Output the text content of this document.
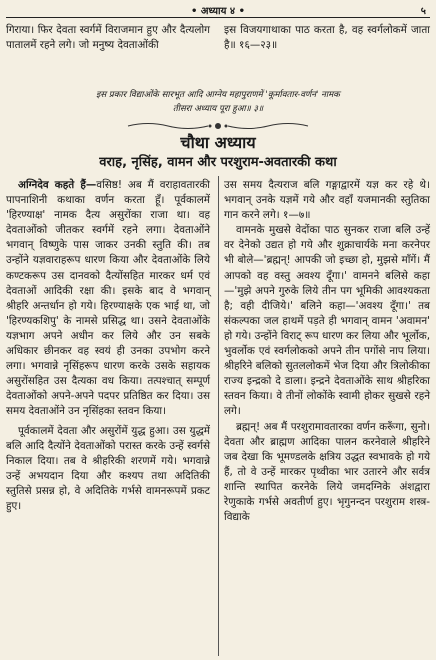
• अध्याय ४ •	५

गिराया। फिर देवता स्वर्गमें विराजमान हुए और दैत्यलोग पातालमें रहने लगे। जो मनुष्य देवताओंकी

इस विजयगाथाका पाठ करता है, वह स्वर्गलोकमें जाता है॥ १६—२३॥

इस प्रकार विद्याओंके सारभूत आदि आग्नेय महापुराणमें 'कूर्मावतार-वर्णन' नामक
तीसरा अध्याय पूरा हुआ॥ ३॥
चौथा अध्याय
वराह, नृसिंह, वामन और परशुराम-अवतारकी कथा

अग्निदेव कहते हैं—वसिष्ठ! अब मैं वराहावतारकी पापनाशिनी कथाका वर्णन करता हूँ। पूर्वकालमें 'हिरण्याक्ष' नामक दैत्य असुरोंका राजा था। वह देवताओंको जीतकर स्वर्गमें रहने लगा। देवताओंने भगवान् विष्णुके पास जाकर उनकी स्तुति की। तब उन्होंने यज्ञवाराहरूप धारण किया और देवताओंके लिये कण्टकरूप उस दानवको दैत्योंसहित मारकर धर्म एवं देवताओं आदिकी रक्षा की। इसके बाद वे भगवान् श्रीहरि अन्तर्धान हो गये। हिरण्याक्षके एक भाई था, जो 'हिरण्यकशिपु' के नामसे प्रसिद्ध था। उसने देवताओंके यज्ञभाग अपने अधीन कर लिये और उन सबके अधिकार छीनकर वह स्वयं ही उनका उपभोग करने लगा। भगवान्ने नृसिंहरूप धारण करके उसके सहायक असुरोंसहित उस दैत्यका वध किया। तत्पश्चात् सम्पूर्ण देवताओंको अपने-अपने पदपर प्रतिष्ठित कर दिया। उस समय देवताओंने उन नृसिंहका स्तवन किया।

पूर्वकालमें देवता और असुरोंमें युद्ध हुआ। उस युद्धमें बलि आदि दैत्योंने देवताओंको परास्त करके उन्हें स्वर्गसे निकाल दिया। तब वे श्रीहरिकी शरणमें गये। भगवान्ने उन्हें अभयदान दिया और कश्यप तथा अदितिकी स्तुतिसे प्रसन्न हो, वे अदितिके गर्भसे वामनरूपमें प्रकट हुए।

उस समय दैत्यराज बलि गङ्गाद्वारमें यज्ञ कर रहे थे। भगवान् उनके यज्ञमें गये और वहाँ यजमानकी स्तुतिका गान करने लगे। १—७॥

वामनके मुखसे वेदोंका पाठ सुनकर राजा बलि उन्हें वर देनेको उद्यत हो गये और शुक्राचार्यके मना करनेपर भी बोले—'ब्रह्मन्! आपकी जो इच्छा हो, मुझसे माँगें। मैं आपको वह वस्तु अवश्य दूँगा।' वामनने बलिसे कहा—'मुझे अपने गुरुके लिये तीन पग भूमिकी आवश्यकता है; वही दीजिये।' बलिने कहा—'अवश्य दूँगा।' तब संकल्पका जल हाथमें पड़ते ही भगवान् वामन 'अवामन' हो गये। उन्होंने विराट् रूप धारण कर लिया और भूर्लोक, भुवर्लोक एवं स्वर्गलोकको अपने तीन पगोंसे नाप लिया। श्रीहरिने बलिको सुतललोकमें भेज दिया और त्रिलोकीका राज्य इन्द्रको दे डाला। इन्द्रने देवताओंके साथ श्रीहरिका स्तवन किया। वे तीनों लोकोंके स्वामी होकर सुखसे रहने लगे।

ब्रह्मन्! अब मैं परशुरामावतारका वर्णन करूँगा, सुनो। देवता और ब्राह्मण आदिका पालन करनेवाले श्रीहरिने जब देखा कि भूमण्डलके क्षत्रिय उद्धत स्वभावके हो गये हैं, तो वे उन्हें मारकर पृथ्वीका भार उतारने और सर्वत्र शान्ति स्थापित करनेके लिये जमदग्निके अंशद्वारा रेणुकाके गर्भसे अवतीर्ण हुए। भृगुनन्दन परशुराम शस्त्र-विद्याके
